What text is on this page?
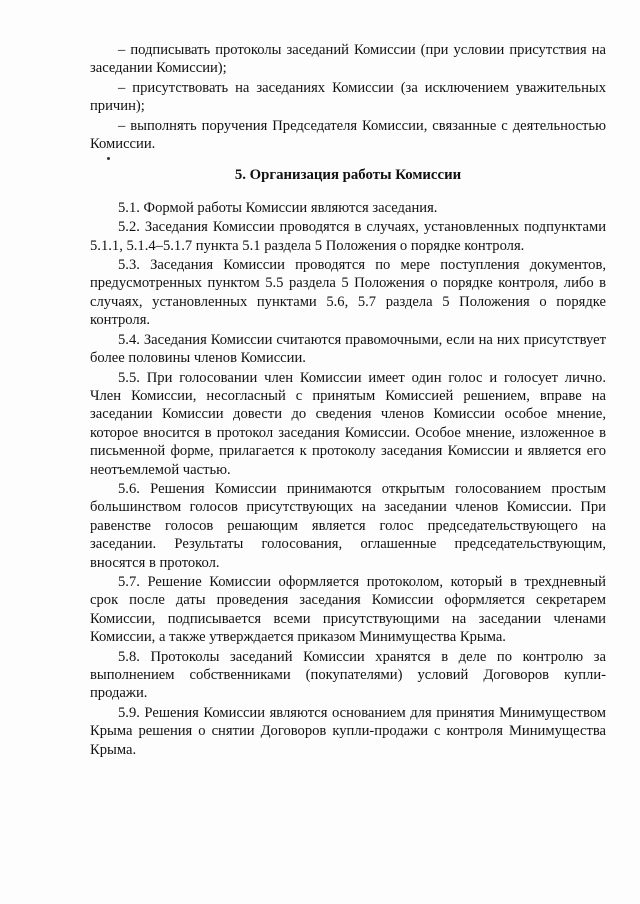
– подписывать протоколы заседаний Комиссии (при условии присутствия на заседании Комиссии);

– присутствовать на заседаниях Комиссии (за исключением уважительных причин);

– выполнять поручения Председателя Комиссии, связанные с деятельностью Комиссии.

5. Организация работы Комиссии

5.1. Формой работы Комиссии являются заседания.

5.2. Заседания Комиссии проводятся в случаях, установленных подпунктами 5.1.1, 5.1.4–5.1.7 пункта 5.1 раздела 5 Положения о порядке контроля.

5.3. Заседания Комиссии проводятся по мере поступления документов, предусмотренных пунктом 5.5 раздела 5 Положения о порядке контроля, либо в случаях, установленных пунктами 5.6, 5.7 раздела 5 Положения о порядке контроля.

5.4. Заседания Комиссии считаются правомочными, если на них присутствует более половины членов Комиссии.

5.5. При голосовании член Комиссии имеет один голос и голосует лично. Член Комиссии, несогласный с принятым Комиссией решением, вправе на заседании Комиссии довести до сведения членов Комиссии особое мнение, которое вносится в протокол заседания Комиссии. Особое мнение, изложенное в письменной форме, прилагается к протоколу заседания Комиссии и является его неотъемлемой частью.

5.6. Решения Комиссии принимаются открытым голосованием простым большинством голосов присутствующих на заседании членов Комиссии. При равенстве голосов решающим является голос председательствующего на заседании. Результаты голосования, оглашенные председательствующим, вносятся в протокол.

5.7. Решение Комиссии оформляется протоколом, который в трехдневный срок после даты проведения заседания Комиссии оформляется секретарем Комиссии, подписывается всеми присутствующими на заседании членами Комиссии, а также утверждается приказом Минимущества Крыма.

5.8. Протоколы заседаний Комиссии хранятся в деле по контролю за выполнением собственниками (покупателями) условий Договоров купли-продажи.

5.9. Решения Комиссии являются основанием для принятия Минимуществом Крыма решения о снятии Договоров купли-продажи с контроля Минимущества Крыма.
